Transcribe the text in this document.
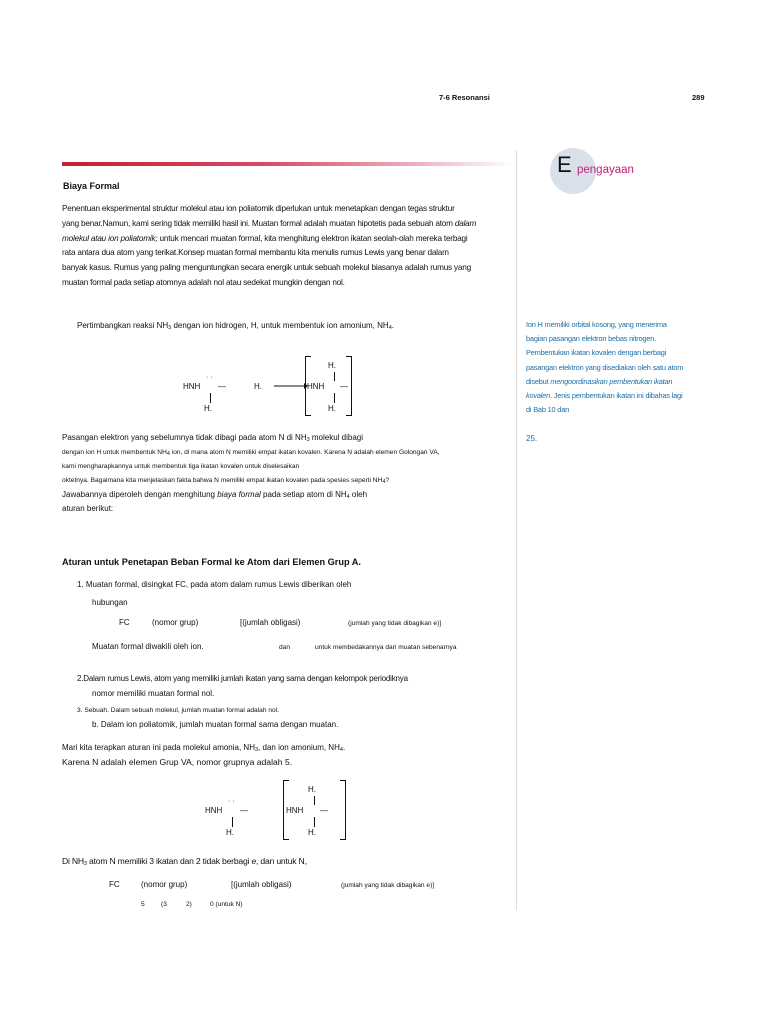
7-6 Resonansi	289
E pengayaan
Biaya Formal
Penentuan eksperimental struktur molekul atau ion poliatomik diperlukan untuk menetapkan dengan tegas struktur
yang benar.Namun, kami sering tidak memiliki hasil ini. Muatan formal adalah muatan hipotetis pada sebuah atom dalam
molekul atau ion poliatomik; untuk mencari muatan formal, kita menghitung elektron ikatan seolah-olah mereka terbagi
rata antara dua atom yang terikat.Konsep muatan formal membantu kita menulis rumus Lewis yang benar dalam
banyak kasus. Rumus yang paling menguntungkan secara energik untuk sebuah molekul biasanya adalah rumus yang
muatan formal pada setiap atomnya adalah nol atau sedekat mungkin dengan nol.
Pertimbangkan reaksi NH3 dengan ion hidrogen, H, untuk membentuk ion amonium, NH4.
HNH
· ·
—
H.
H. →
H.
HNH —
H.
Pasangan elektron yang sebelumnya tidak dibagi pada atom N di NH3 molekul dibagi
dengan ion H untuk membentuk NH4 ion, di mana atom N memiliki empat ikatan kovalen. Karena N adalah elemen Golongan VA,
kami mengharapkannya untuk membentuk tiga ikatan kovalen untuk diselesaikan
oktetnya. Bagaimana kita menjelaskan fakta bahwa N memiliki empat ikatan kovalen pada spesies seperti NH4?
Jawabannya diperoleh dengan menghitung biaya formal pada setiap atom di NH4 oleh
aturan berikut:
Ion H memiliki orbital kosong, yang menerima
bagian pasangan elektron bebas nitrogen.
Pembentukan ikatan kovalen dengan berbagi
pasangan elektron yang disediakan oleh satu atom
disebut mengoordinasikan pembentukan ikatan
kovalen. Jenis pembentukan ikatan ini dibahas lagi
di Bab 10 dan
25.
Aturan untuk Penetapan Beban Formal ke Atom dari Elemen Grup A.
1. Muatan formal, disingkat FC, pada atom dalam rumus Lewis diberikan oleh
hubungan
FC	(nomor grup)	[(jumlah obligasi)	(jumlah yang tidak dibagikan e)]
Muatan formal diwakili oleh ion.	dan	untuk membedakannya dari muatan sebenarnya
2.Dalam rumus Lewis, atom yang memiliki jumlah ikatan yang sama dengan kelompok periodiknya
nomor memiliki muatan formal nol.
3. Sebuah. Dalam sebuah molekul, jumlah muatan formal adalah nol.
b. Dalam ion poliatomik, jumlah muatan formal sama dengan muatan.
Mari kita terapkan aturan ini pada molekul amonia, NH3, dan ion amonium, NH4.
Karena N adalah elemen Grup VA, nomor grupnya adalah 5.
HNH
· ·
—
H.
H.
HNH —
H.
Di NH3 atom N memiliki 3 ikatan dan 2 tidak berbagi e, dan untuk N,
FC	(nomor grup)	[(jumlah obligasi)	(jumlah yang tidak dibagikan e)]
5 (3	2)	0 (untuk N)
